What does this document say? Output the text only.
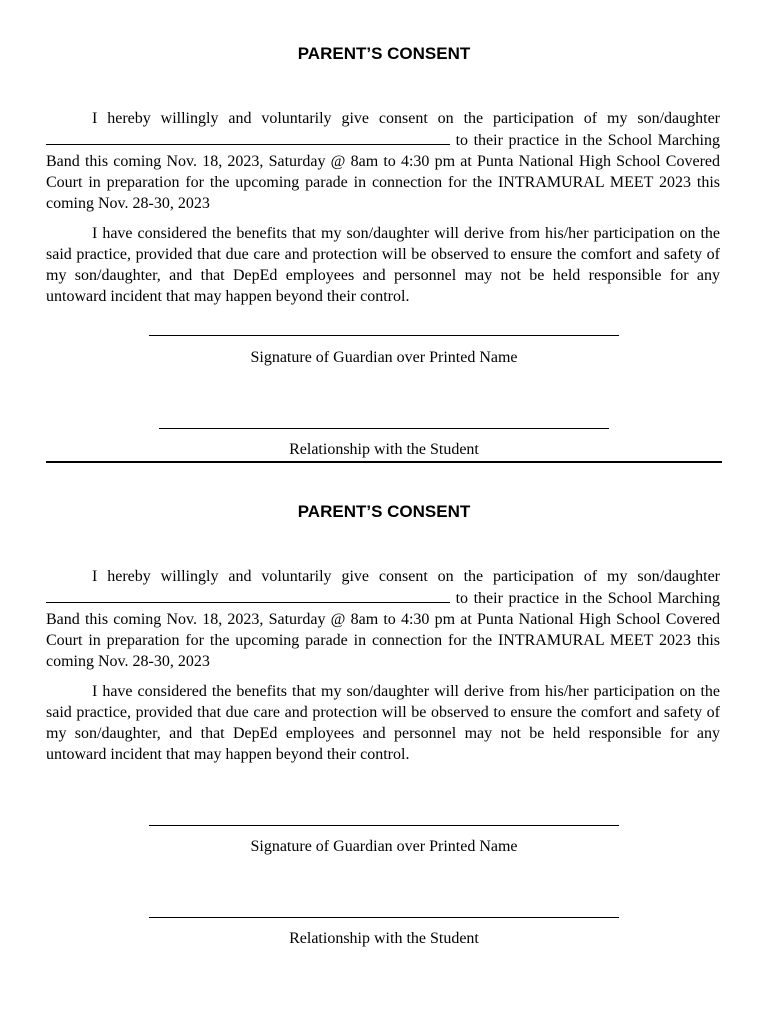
PARENT’S CONSENT

I hereby willingly and voluntarily give consent on the participation of my son/daughter to their practice in the School Marching Band this coming Nov. 18, 2023, Saturday @ 8am to 4:30 pm at Punta National High School Covered Court in preparation for the upcoming parade in connection for the INTRAMURAL MEET 2023 this coming Nov. 28-30, 2023

I have considered the benefits that my son/daughter will derive from his/her participation on the said practice, provided that due care and protection will be observed to ensure the comfort and safety of my son/daughter, and that DepEd employees and personnel may not be held responsible for any untoward incident that may happen beyond their control.

Signature of Guardian over Printed Name
Relationship with the Student
PARENT’S CONSENT

I hereby willingly and voluntarily give consent on the participation of my son/daughter to their practice in the School Marching Band this coming Nov. 18, 2023, Saturday @ 8am to 4:30 pm at Punta National High School Covered Court in preparation for the upcoming parade in connection for the INTRAMURAL MEET 2023 this coming Nov. 28-30, 2023

I have considered the benefits that my son/daughter will derive from his/her participation on the said practice, provided that due care and protection will be observed to ensure the comfort and safety of my son/daughter, and that DepEd employees and personnel may not be held responsible for any untoward incident that may happen beyond their control.

Signature of Guardian over Printed Name
Relationship with the Student
